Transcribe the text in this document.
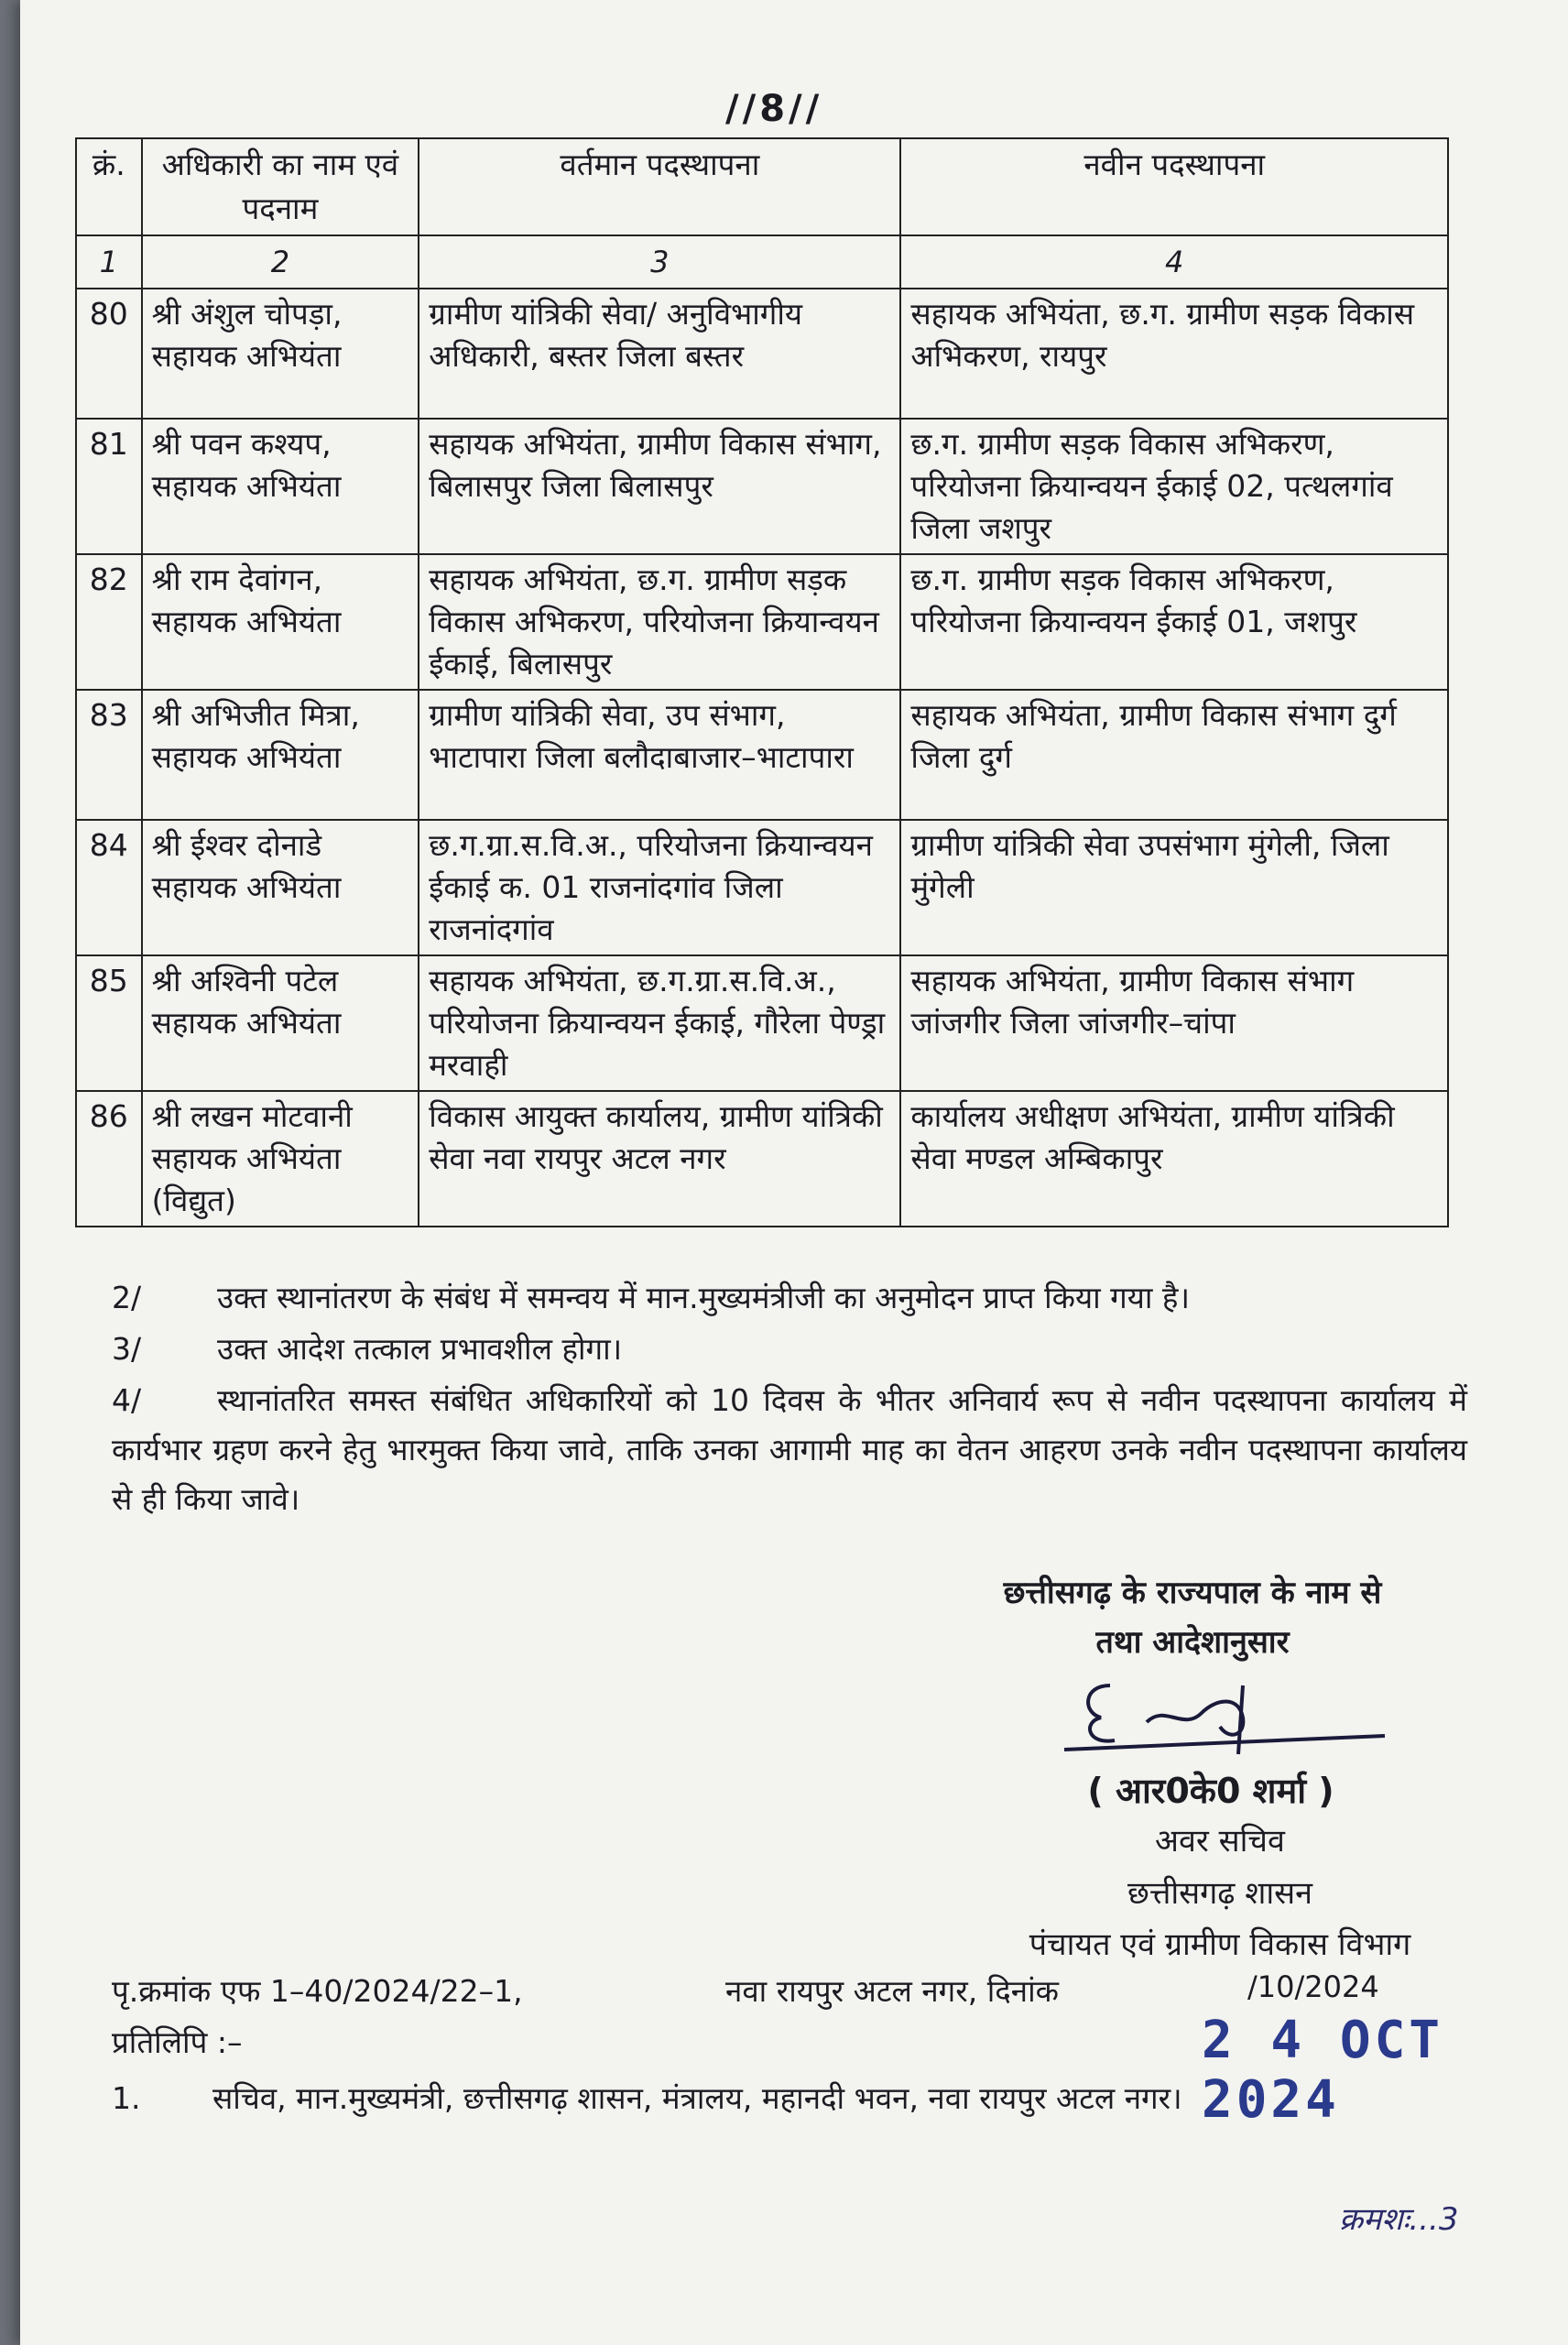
//8//
क्रं.	अधिकारी का नाम एवं पदनाम	वर्तमान पदस्थापना	नवीन पदस्थापना
1	2	3	4
80	श्री अंशुल चोपड़ा, सहायक अभियंता	ग्रामीण यांत्रिकी सेवा/ अनुविभागीय अधिकारी, बस्तर जिला बस्तर	सहायक अभियंता, छ.ग. ग्रामीण सड़क विकास अभिकरण, रायपुर
81	श्री पवन कश्यप, सहायक अभियंता	सहायक अभियंता, ग्रामीण विकास संभाग, बिलासपुर जिला बिलासपुर	छ.ग. ग्रामीण सड़क विकास अभिकरण, परियोजना क्रियान्वयन ईकाई 02, पत्थलगांव जिला जशपुर
82	श्री राम देवांगन, सहायक अभियंता	सहायक अभियंता, छ.ग. ग्रामीण सड़क विकास अभिकरण, परियोजना क्रियान्वयन ईकाई, बिलासपुर	छ.ग. ग्रामीण सड़क विकास अभिकरण, परियोजना क्रियान्वयन ईकाई 01, जशपुर
83	श्री अभिजीत मित्रा, सहायक अभियंता	ग्रामीण यांत्रिकी सेवा, उप संभाग, भाटापारा जिला बलौदाबाजार–भाटापारा	सहायक अभियंता, ग्रामीण विकास संभाग दुर्ग जिला दुर्ग
84	श्री ईश्वर दोनाडे सहायक अभियंता	छ.ग.ग्रा.स.वि.अ., परियोजना क्रियान्वयन ईकाई क. 01 राजनांदगांव जिला राजनांदगांव	ग्रामीण यांत्रिकी सेवा उपसंभाग मुंगेली, जिला मुंगेली
85	श्री अश्विनी पटेल सहायक अभियंता	सहायक अभियंता, छ.ग.ग्रा.स.वि.अ., परियोजना क्रियान्वयन ईकाई, गौरेला पेण्ड्रा मरवाही	सहायक अभियंता, ग्रामीण विकास संभाग जांजगीर जिला जांजगीर–चांपा
86	श्री लखन मोटवानी सहायक अभियंता (विद्युत)	विकास आयुक्त कार्यालय, ग्रामीण यांत्रिकी सेवा नवा रायपुर अटल नगर	कार्यालय अधीक्षण अभियंता, ग्रामीण यांत्रिकी सेवा मण्डल अम्बिकापुर
2/	उक्त स्थानांतरण के संबंध में समन्वय में मान.मुख्यमंत्रीजी का अनुमोदन प्राप्त किया गया है।
3/	उक्त आदेश तत्काल प्रभावशील होगा।
4/	स्थानांतरित समस्त संबंधित अधिकारियों को 10 दिवस के भीतर अनिवार्य रूप से नवीन पदस्थापना कार्यालय में कार्यभार ग्रहण करने हेतु भारमुक्त किया जावे, ताकि उनका आगामी माह का वेतन आहरण उनके नवीन पदस्थापना कार्यालय से ही किया जावे।
छत्तीसगढ़ के राज्यपाल के नाम से
तथा आदेशानुसार
( आर0के0 शर्मा )
अवर सचिव
छत्तीसगढ़ शासन
पंचायत एवं ग्रामीण विकास विभाग
पृ.क्रमांक एफ 1–40/2024/22–1,	नवा रायपुर अटल नगर, दिनांक	/10/2024
2 4 OCT 2024
प्रतिलिपि :–
1. सचिव, मान.मुख्यमंत्री, छत्तीसगढ़ शासन, मंत्रालय, महानदी भवन, नवा रायपुर अटल नगर।
क्रमशः...3
